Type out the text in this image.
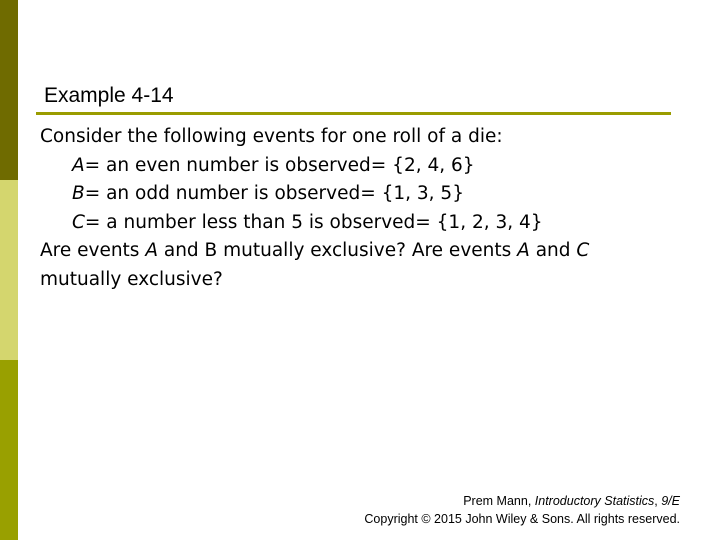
Example 4-14
Consider the following events for one roll of a die:
A= an even number is observed= {2, 4, 6}
B= an odd number is observed= {1, 3, 5}
C= a number less than 5 is observed= {1, 2, 3, 4}
Are events A and B mutually exclusive? Are events A and C
mutually exclusive?
Prem Mann, Introductory Statistics, 9/E
Copyright © 2015 John Wiley & Sons. All rights reserved.
